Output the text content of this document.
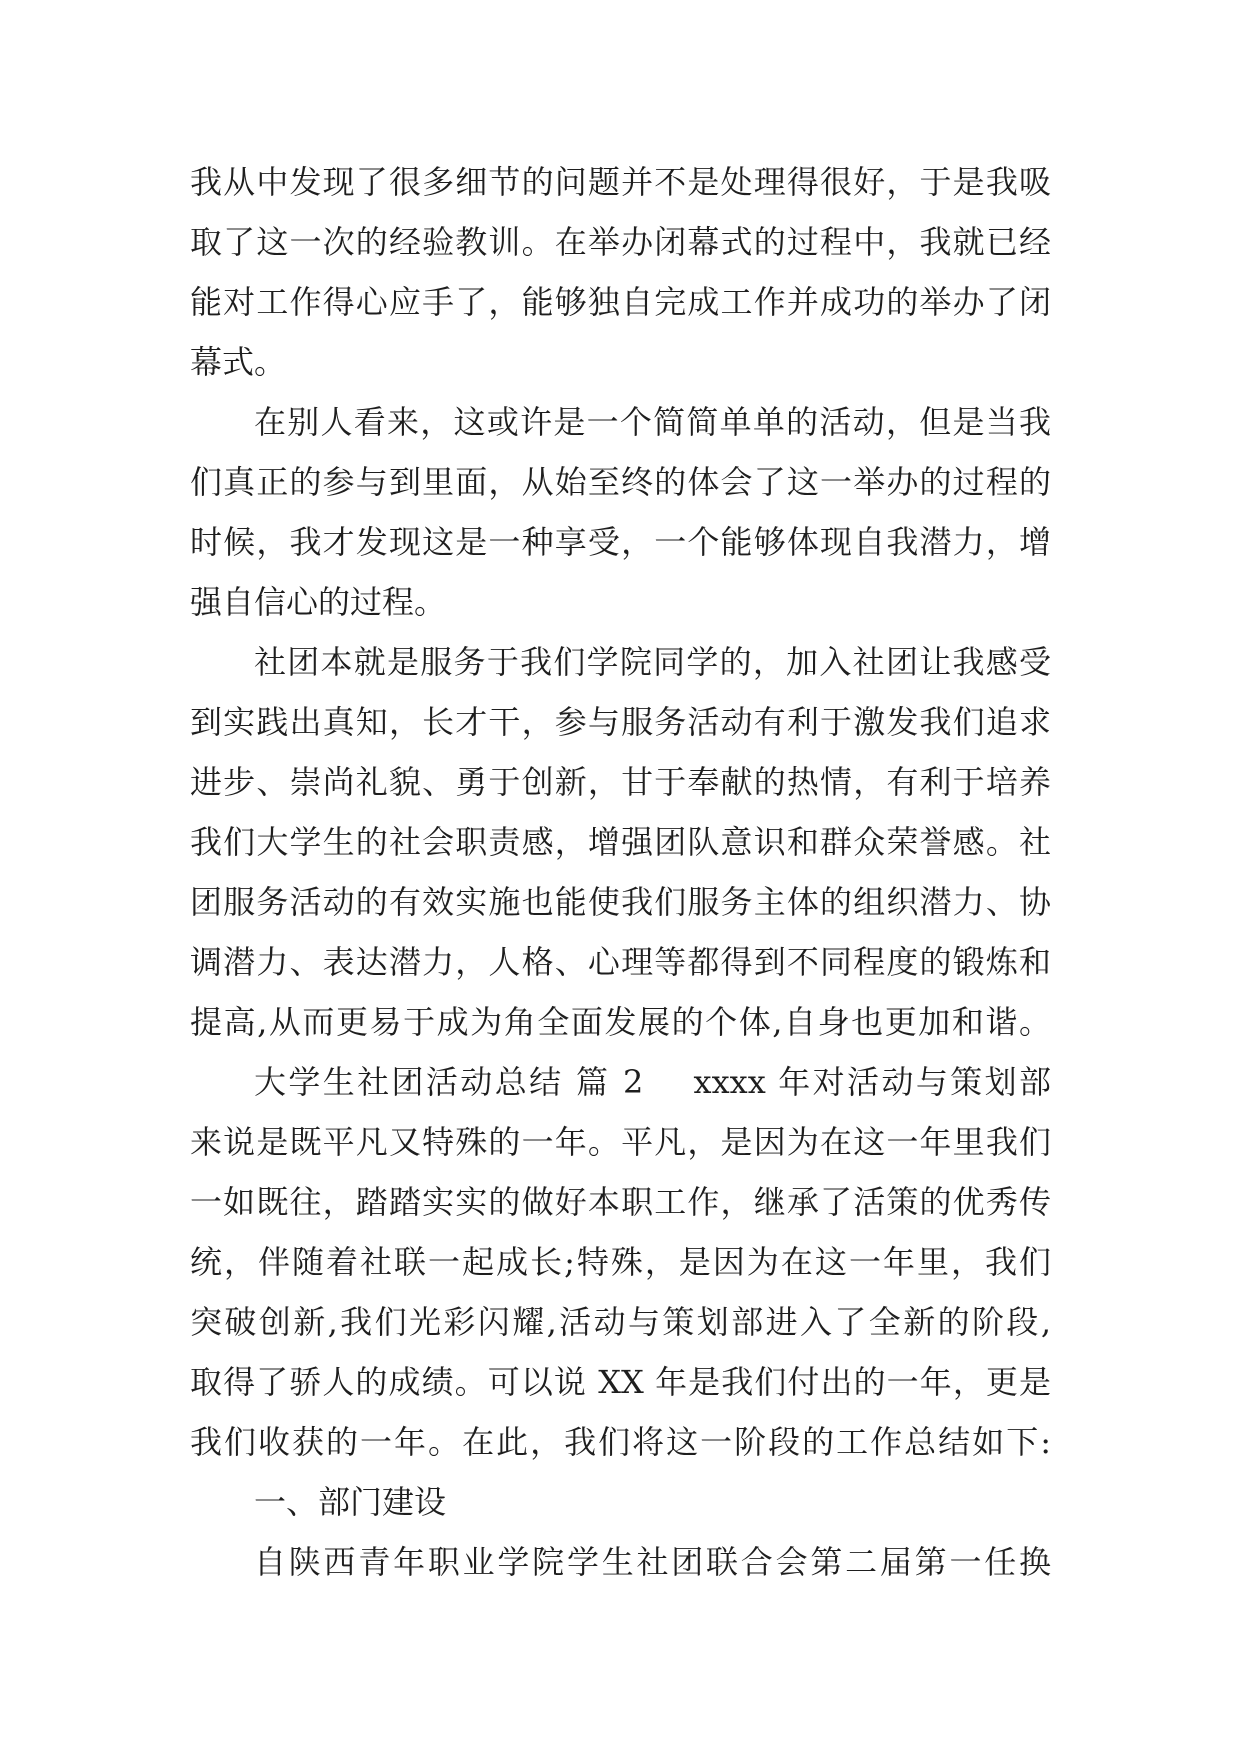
我从中发现了很多细节的问题并不是处理得很好，于是我吸
取了这一次的经验教训。在举办闭幕式的过程中，我就已经
能对工作得心应手了，能够独自完成工作并成功的举办了闭
幕式。
在别人看来，这或许是一个简简单单的活动，但是当我
们真正的参与到里面，从始至终的体会了这一举办的过程的
时候，我才发现这是一种享受，一个能够体现自我潜力，增
强自信心的过程。
社团本就是服务于我们学院同学的，加入社团让我感受
到实践出真知，长才干，参与服务活动有利于激发我们追求
进步、崇尚礼貌、勇于创新，甘于奉献的热情，有利于培养
我们大学生的社会职责感，增强团队意识和群众荣誉感。社
团服务活动的有效实施也能使我们服务主体的组织潜力、协
调潜力、表达潜力，人格、心理等都得到不同程度的锻炼和
提高,从而更易于成为角全面发展的个体,自身也更加和谐。
大学生社团活动总结 篇 2    xxxx 年对活动与策划部
来说是既平凡又特殊的一年。平凡，是因为在这一年里我们
一如既往，踏踏实实的做好本职工作，继承了活策的优秀传
统，伴随着社联一起成长;特殊，是因为在这一年里，我们
突破创新,我们光彩闪耀,活动与策划部进入了全新的阶段,
取得了骄人的成绩。可以说 XX 年是我们付出的一年，更是
我们收获的一年。在此，我们将这一阶段的工作总结如下:
一、部门建设
自陕西青年职业学院学生社团联合会第二届第一任换
